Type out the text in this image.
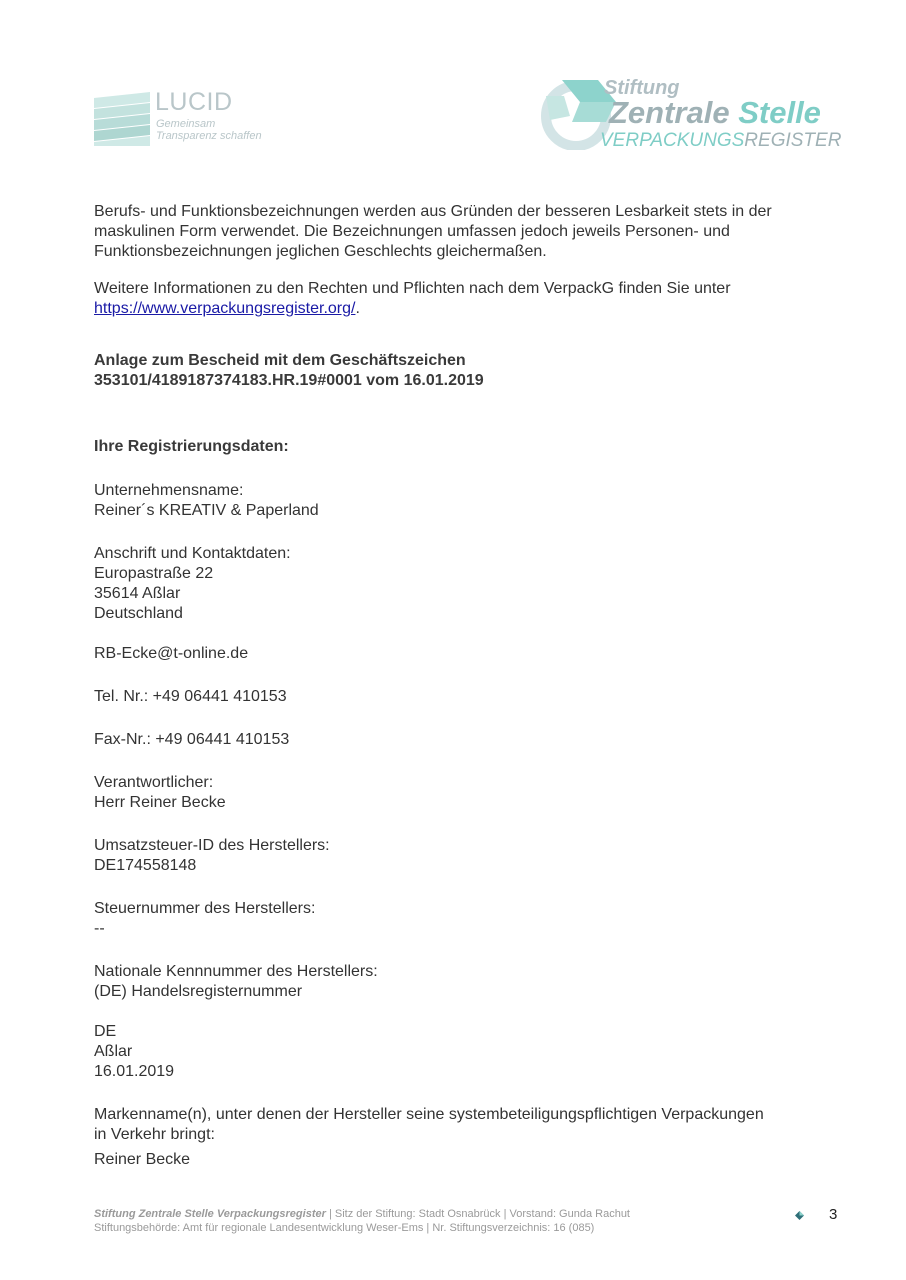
LUCID
Gemeinsam
Transparenz schaffen
Stiftung
Zentrale Stelle
VERPACKUNGSREGISTER
Berufs- und Funktionsbezeichnungen werden aus Gründen der besseren Lesbarkeit stets in der
maskulinen Form verwendet. Die Bezeichnungen umfassen jedoch jeweils Personen- und
Funktionsbezeichnungen jeglichen Geschlechts gleichermaßen.
Weitere Informationen zu den Rechten und Pflichten nach dem VerpackG finden Sie unter
https://www.verpackungsregister.org/.
Anlage zum Bescheid mit dem Geschäftszeichen
353101/4189187374183.HR.19#0001 vom 16.01.2019
Ihre Registrierungsdaten:
Unternehmensname:
Reiner´s KREATIV & Paperland
Anschrift und Kontaktdaten:
Europastraße 22
35614 Aßlar
Deutschland
RB-Ecke@t-online.de
Tel. Nr.: +49 06441 410153
Fax-Nr.: +49 06441 410153
Verantwortlicher:
Herr Reiner Becke
Umsatzsteuer-ID des Herstellers:
DE174558148
Steuernummer des Herstellers:
--
Nationale Kennnummer des Herstellers:
(DE) Handelsregisternummer
DE
Aßlar
16.01.2019
Markenname(n), unter denen der Hersteller seine systembeteiligungspflichtigen Verpackungen
in Verkehr bringt:
Reiner Becke
Stiftung Zentrale Stelle Verpackungsregister | Sitz der Stiftung: Stadt Osnabrück | Vorstand: Gunda Rachut
Stiftungsbehörde: Amt für regionale Landesentwicklung Weser-Ems | Nr. Stiftungsverzeichnis: 16 (085)
3
